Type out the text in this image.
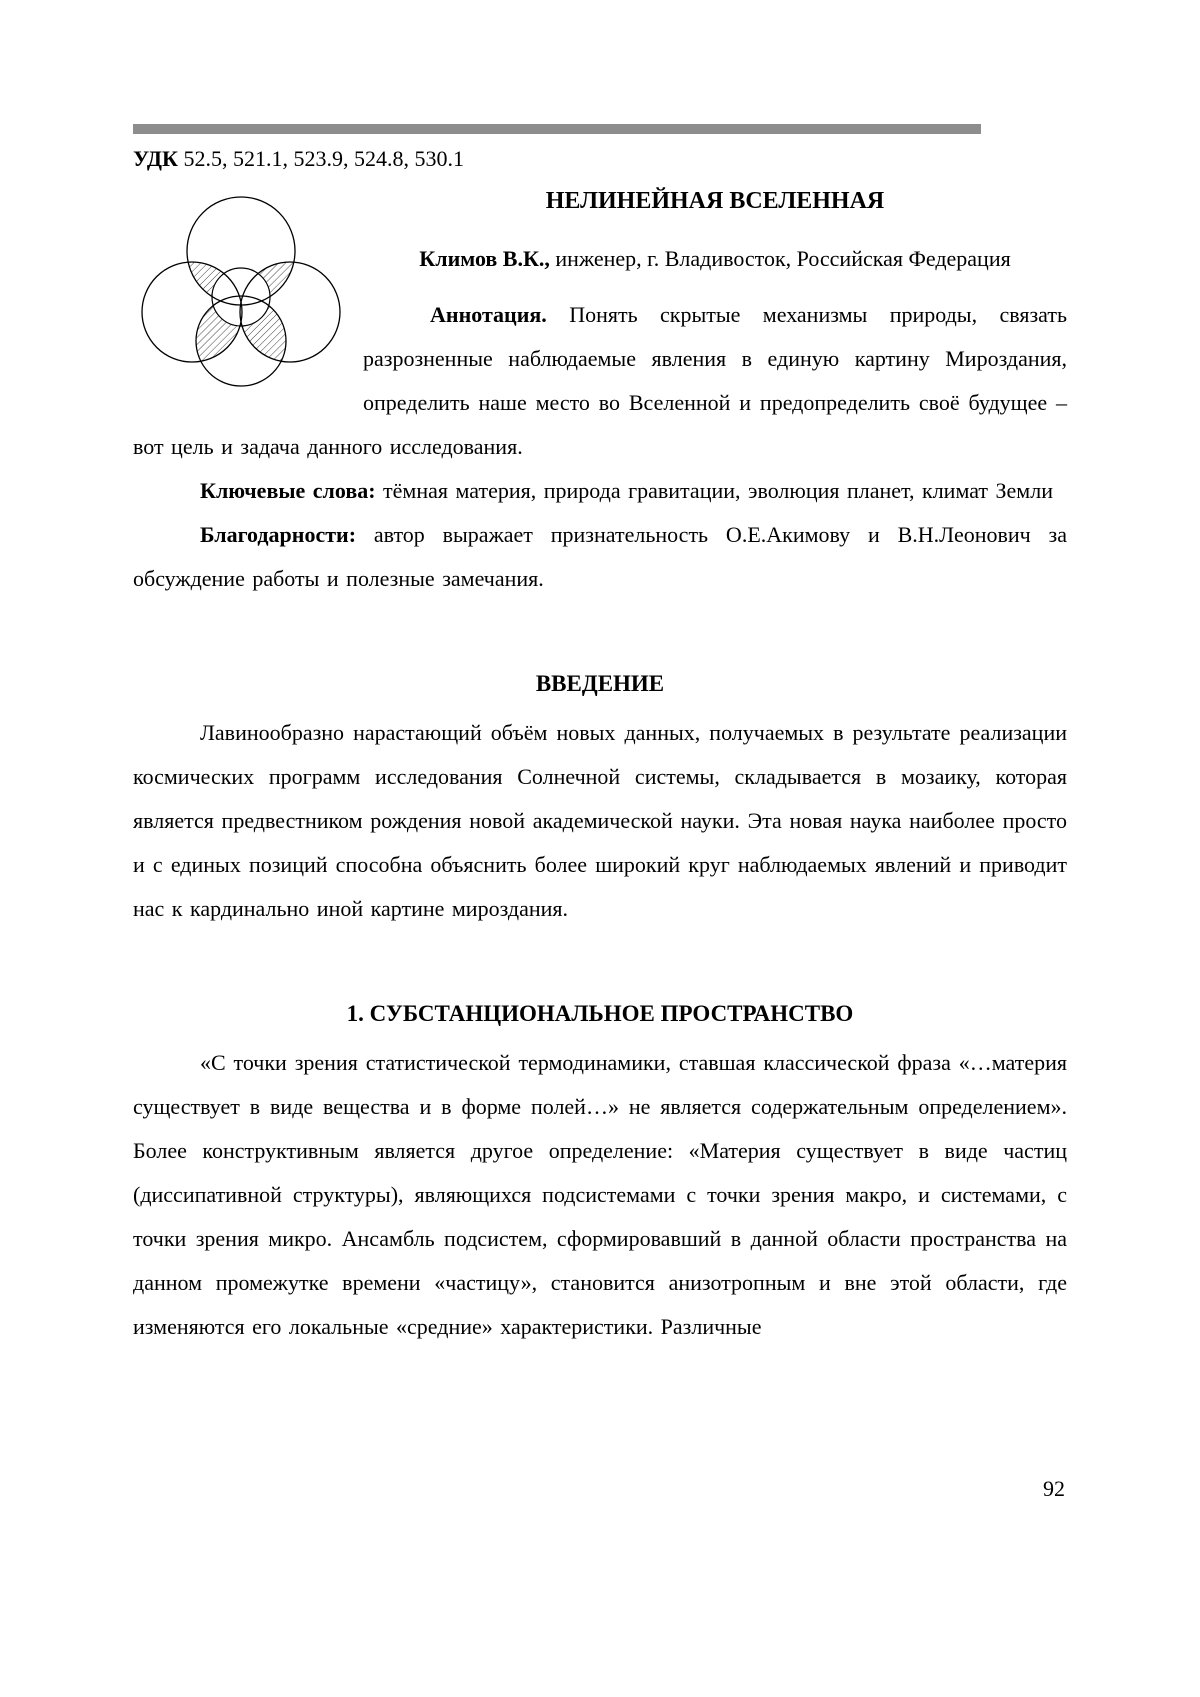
УДК 52.5, 521.1, 523.9, 524.8, 530.1

НЕЛИНЕЙНАЯ ВСЕЛЕННАЯ

Климов В.К., инженер, г. Владивосток, Российская Федерация

Аннотация. Понять скрытые механизмы природы, связать разрозненные наблюдаемые явления в единую картину Мироздания, определить наше место во Вселенной и предопределить своё будущее – вот цель и задача данного исследования.

Ключевые слова: тёмная материя, природа гравитации, эволюция планет, климат Земли

Благодарности: автор выражает признательность О.Е.Акимову и В.Н.Леонович за обсуждение работы и полезные замечания.

ВВЕДЕНИЕ

Лавинообразно нарастающий объём новых данных, получаемых в результате реализации космических программ исследования Солнечной системы, складывается в мозаику, которая является предвестником рождения новой академической науки. Эта новая наука наиболее просто и с единых позиций способна объяснить более широкий круг наблюдаемых явлений и приводит нас к кардинально иной картине мироздания.

1. СУБСТАНЦИОНАЛЬНОЕ ПРОСТРАНСТВО

«С точки зрения статистической термодинамики, ставшая классической фраза «…материя существует в виде вещества и в форме полей…» не является содержательным определением». Более конструктивным является другое определение: «Материя существует в виде частиц (диссипативной структуры), являющихся подсистемами с точки зрения макро, и системами, с точки зрения микро. Ансамбль подсистем, сформировавший в данной области пространства на данном промежутке времени «частицу», становится анизотропным и вне этой области, где изменяются его локальные «средние» характеристики. Различные

92
